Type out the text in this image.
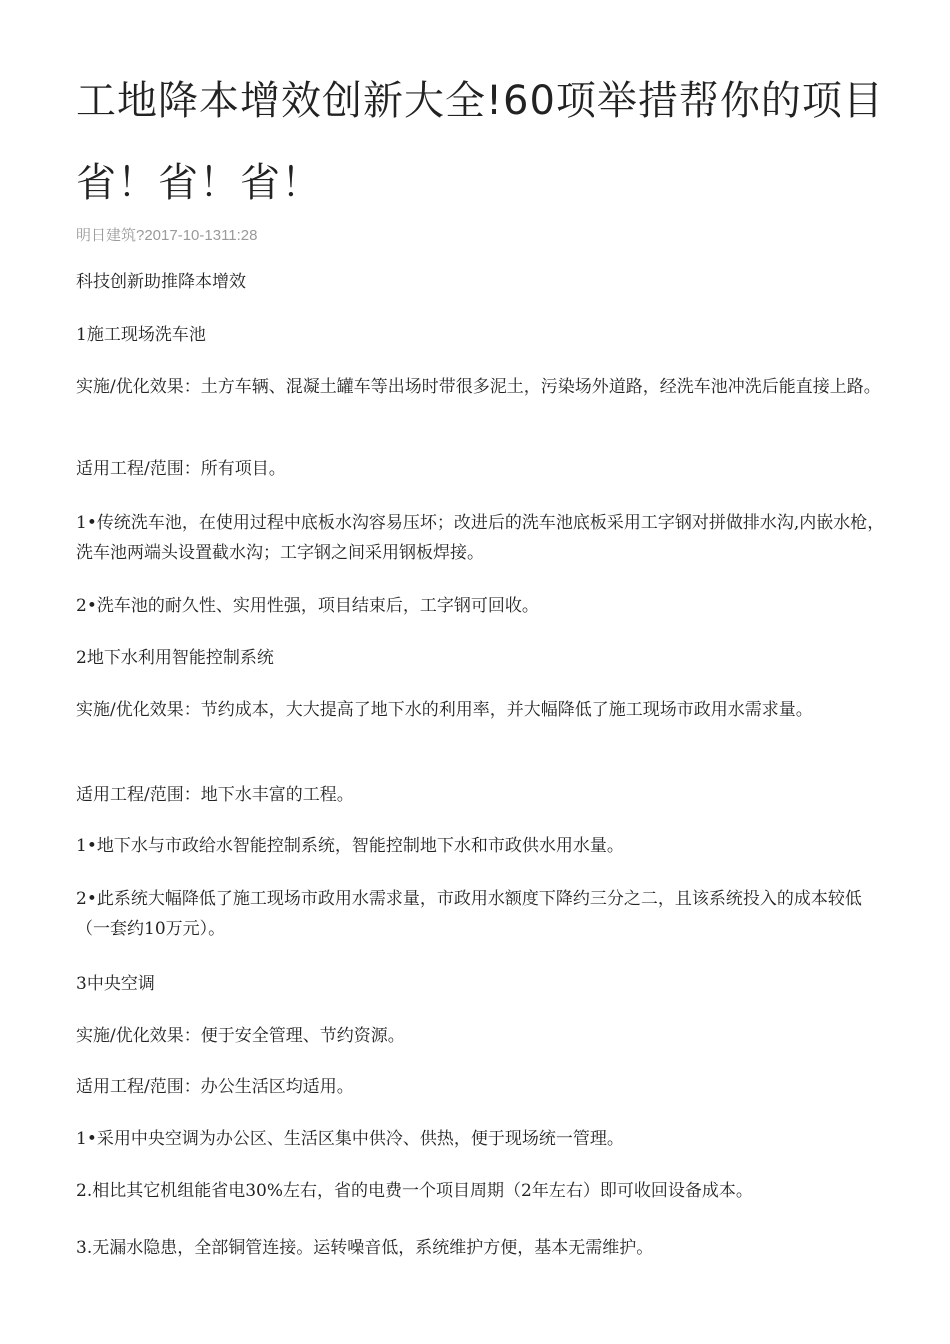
工地降本增效创新大全!60项举措帮你的项目省！省！省！
明日建筑?2017-10-1311:28

科技创新助推降本增效

1施工现场洗车池

实施/优化效果：土方车辆、混凝土罐车等出场时带很多泥土，污染场外道路，经洗车池冲洗后能直接上路。

适用工程/范围：所有项目。

1•传统洗车池，在使用过程中底板水沟容易压坏；改进后的洗车池底板采用工字钢对拼做排水沟,内嵌水枪，洗车池两端头设置截水沟；工字钢之间采用钢板焊接。

2•洗车池的耐久性、实用性强，项目结束后，工字钢可回收。

2地下水利用智能控制系统

实施/优化效果：节约成本，大大提高了地下水的利用率，并大幅降低了施工现场市政用水需求量。

适用工程/范围：地下水丰富的工程。

1•地下水与市政给水智能控制系统，智能控制地下水和市政供水用水量。

2•此系统大幅降低了施工现场市政用水需求量，市政用水额度下降约三分之二，且该系统投入的成本较低（一套约10万元）。

3中央空调

实施/优化效果：便于安全管理、节约资源。

适用工程/范围：办公生活区均适用。

1•采用中央空调为办公区、生活区集中供冷、供热，便于现场统一管理。

2.相比其它机组能省电30%左右，省的电费一个项目周期（2年左右）即可收回设备成本。

3.无漏水隐患，全部铜管连接。运转噪音低，系统维护方便，基本无需维护。
